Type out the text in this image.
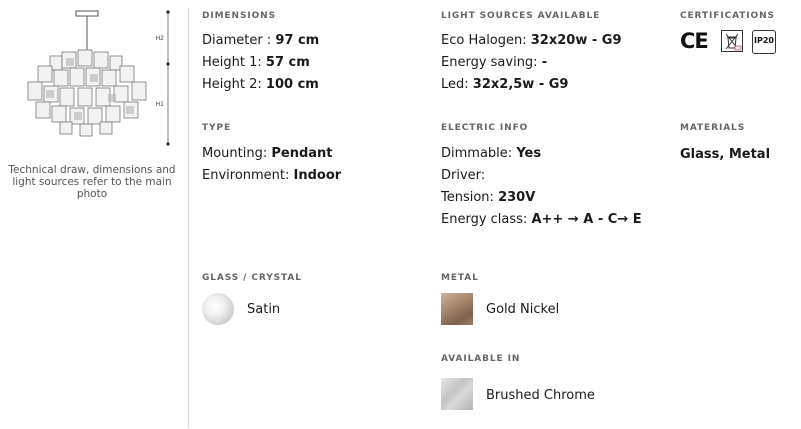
H2
H1
Technical draw, dimensions and light sources refer to the main photo
DIMENSIONS
Diameter : 97 cm
Height 1: 57 cm
Height 2: 100 cm
TYPE
Mounting: Pendant
Environment: Indoor
GLASS / CRYSTAL
Satin
LIGHT SOURCES AVAILABLE
Eco Halogen: 32x20w - G9
Energy saving: -
Led: 32x2,5w - G9
ELECTRIC INFO
Dimmable: Yes
Driver:
Tension: 230V
Energy class: A++ → A - C→ E
METAL
Gold Nickel
AVAILABLE IN
Brushed Chrome
CERTIFICATIONS
CE	IP20
MATERIALS
Glass, Metal
